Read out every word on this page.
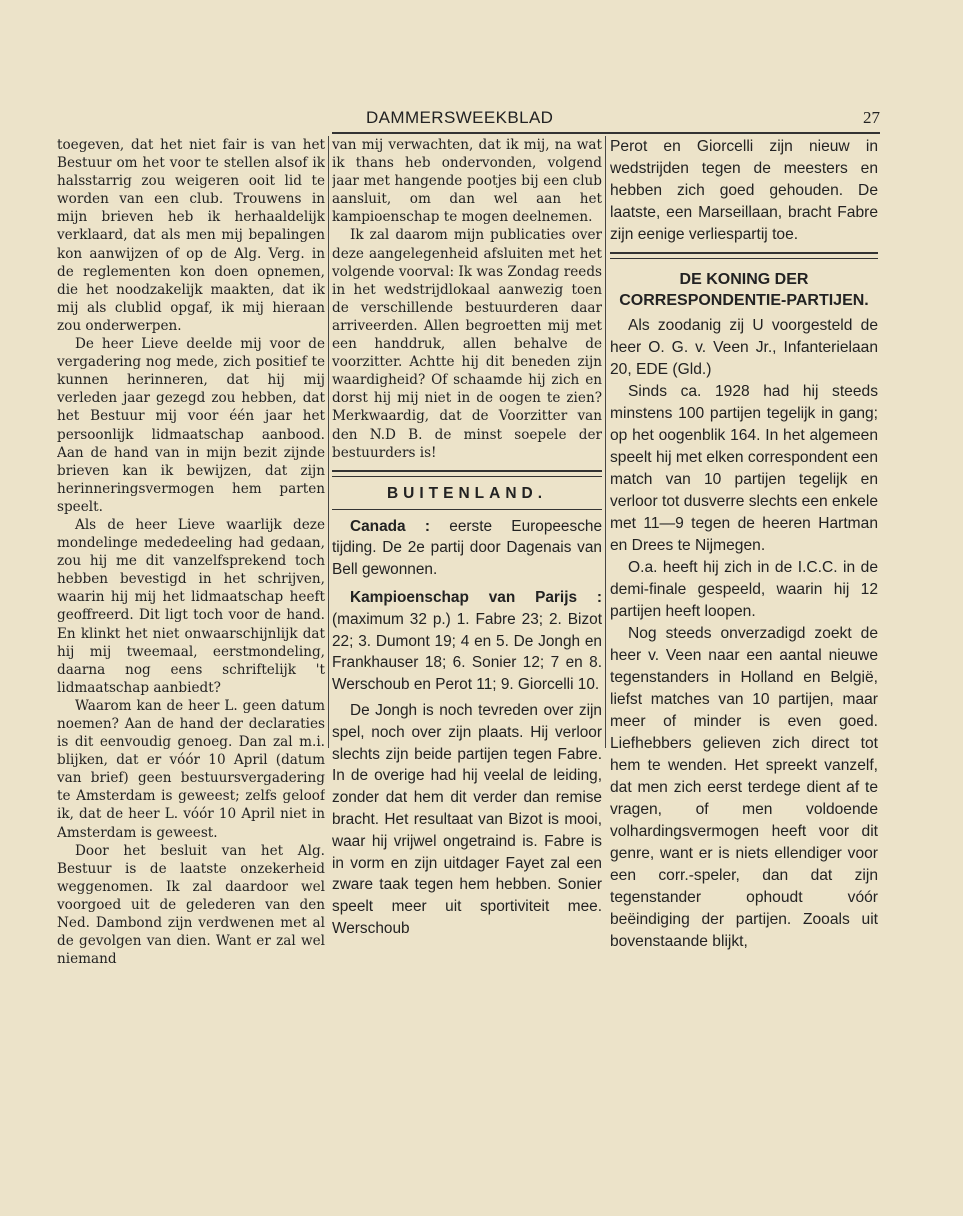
DAMMERSWEEKBLAD	27

toegeven, dat het niet fair is van het Bestuur om het voor te stellen alsof ik halsstarrig zou weigeren ooit lid te worden van een club. Trouwens in mijn brieven heb ik herhaaldelijk verklaard, dat als men mij bepalingen kon aanwijzen of op de Alg. Verg. in de reglementen kon doen opnemen, die het noodzakelijk maakten, dat ik mij als clublid opgaf, ik mij hieraan zou onderwerpen.

De heer Lieve deelde mij voor de vergadering nog mede, zich positief te kunnen herinneren, dat hij mij verleden jaar gezegd zou hebben, dat het Bestuur mij voor één jaar het persoonlijk lidmaatschap aanbood. Aan de hand van in mijn bezit zijnde brieven kan ik bewijzen, dat zijn herinneringsvermogen hem parten speelt.

Als de heer Lieve waarlijk deze mondelinge mededeeling had gedaan, zou hij me dit vanzelfsprekend toch hebben bevestigd in het schrijven, waarin hij mij het lidmaatschap heeft geoffreerd. Dit ligt toch voor de hand. En klinkt het niet onwaarschijnlijk dat hij mij tweemaal, eerstmondeling, daarna nog eens schriftelijk 't lidmaatschap aanbiedt?

Waarom kan de heer L. geen datum noemen? Aan de hand der declaraties is dit eenvoudig genoeg. Dan zal m.i. blijken, dat er vóór 10 April (datum van brief) geen bestuursvergadering te Amsterdam is geweest; zelfs geloof ik, dat de heer L. vóór 10 April niet in Amsterdam is geweest.

Door het besluit van het Alg. Bestuur is de laatste onzekerheid weggenomen. Ik zal daardoor wel voorgoed uit de gelederen van den Ned. Dambond zijn verdwenen met al de gevolgen van dien. Want er zal wel niemand

van mij verwachten, dat ik mij, na wat ik thans heb ondervonden, volgend jaar met hangende pootjes bij een club aansluit, om dan wel aan het kampioenschap te mogen deelnemen.

Ik zal daarom mijn publicaties over deze aangelegenheid afsluiten met het volgende voorval: Ik was Zondag reeds in het wedstrijdlokaal aanwezig toen de verschillende bestuurderen daar arriveerden. Allen begroetten mij met een handdruk, allen behalve de voorzitter. Achtte hij dit beneden zijn waardigheid? Of schaamde hij zich en dorst hij mij niet in de oogen te zien? Merkwaardig, dat de Voorzitter van den N.D B. de minst soepele der bestuurders is!

BUITENLAND.

Canada : eerste Europeesche tijding. De 2e partij door Dagenais van Bell gewonnen.

Kampioenschap van Parijs : (maximum 32 p.) 1. Fabre 23; 2. Bizot 22; 3. Dumont 19; 4 en 5. De Jongh en Frankhauser 18; 6. Sonier 12; 7 en 8. Werschoub en Perot 11; 9. Giorcelli 10.

De Jongh is noch tevreden over zijn spel, noch over zijn plaats. Hij verloor slechts zijn beide partijen tegen Fabre. In de overige had hij veelal de leiding, zonder dat hem dit verder dan remise bracht. Het resultaat van Bizot is mooi, waar hij vrijwel ongetraind is. Fabre is in vorm en zijn uitdager Fayet zal een zware taak tegen hem hebben. Sonier speelt meer uit sportiviteit mee. Werschoub

Perot en Giorcelli zijn nieuw in wedstrijden tegen de meesters en hebben zich goed gehouden. De laatste, een Marseillaan, bracht Fabre zijn eenige verliespartij toe.

DE KONING DER CORRESPONDENTIE-PARTIJEN.

Als zoodanig zij U voorgesteld de heer O. G. v. Veen Jr., Infanterielaan 20, EDE (Gld.)

Sinds ca. 1928 had hij steeds minstens 100 partijen tegelijk in gang; op het oogenblik 164. In het algemeen speelt hij met elken correspondent een match van 10 partijen tegelijk en verloor tot dusverre slechts een enkele met 11—9 tegen de heeren Hartman en Drees te Nijmegen.

O.a. heeft hij zich in de I.C.C. in de demi-finale gespeeld, waarin hij 12 partijen heeft loopen.

Nog steeds onverzadigd zoekt de heer v. Veen naar een aantal nieuwe tegenstanders in Holland en België, liefst matches van 10 partijen, maar meer of minder is even goed. Liefhebbers gelieven zich direct tot hem te wenden. Het spreekt vanzelf, dat men zich eerst terdege dient af te vragen, of men voldoende volhardingsvermogen heeft voor dit genre, want er is niets ellendiger voor een corr.-speler, dan dat zijn tegenstander ophoudt vóór beëindiging der partijen. Zooals uit bovenstaande blijkt,
